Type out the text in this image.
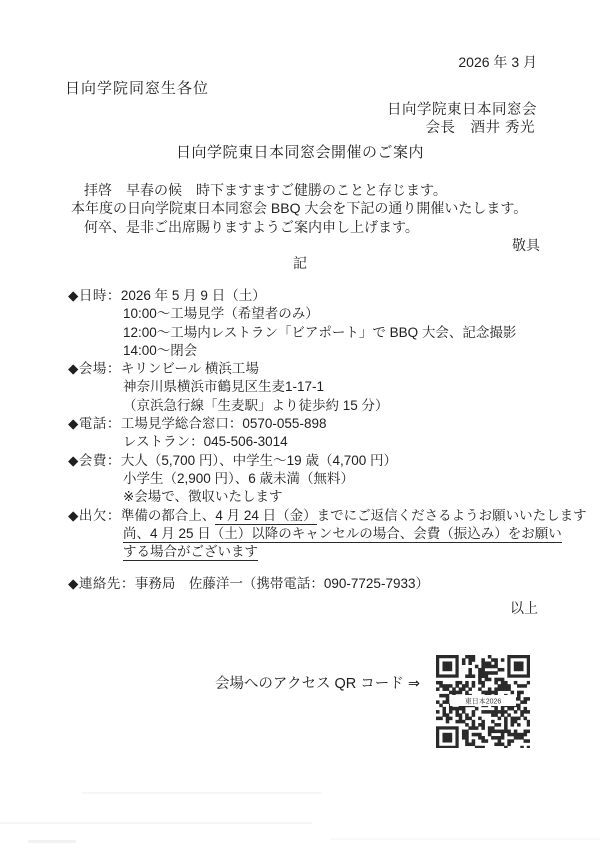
2026 年 3 月
日向学院同窓生各位
日向学院東日本同窓会
会長　酒井 秀光
日向学院東日本同窓会開催のご案内
拝啓　早春の候　時下ますますご健勝のことと存じます。
本年度の日向学院東日本同窓会 BBQ 大会を下記の通り開催いたします。
何卒、是非ご出席賜りますようご案内申し上げます。
敬具
記
◆日時：2026 年 5 月 9 日（土）
10:00～工場見学（希望者のみ）
12:00～工場内レストラン「ビアポート」で BBQ 大会、記念撮影
14:00～閉会
◆会場：キリンビール 横浜工場
神奈川県横浜市鶴見区生麦1-17-1
（京浜急行線「生麦駅」より徒歩約 15 分）
◆電話：工場見学総合窓口：0570-055-898
レストラン：045-506-3014
◆会費：大人（5,700 円）、中学生～19 歳（4,700 円）
小学生（2,900 円）、6 歳未満（無料）
※会場で、徴収いたします
◆出欠：準備の都合上、4 月 24 日（金）までにご返信くださるようお願いいたします
尚、4 月 25 日（土）以降のキャンセルの場合、会費（振込み）をお願い
する場合がございます
◆連絡先：事務局　佐藤洋一（携帯電話：090-7725-7933）
以上
会場へのアクセス QR コード ⇒
東日本2026
